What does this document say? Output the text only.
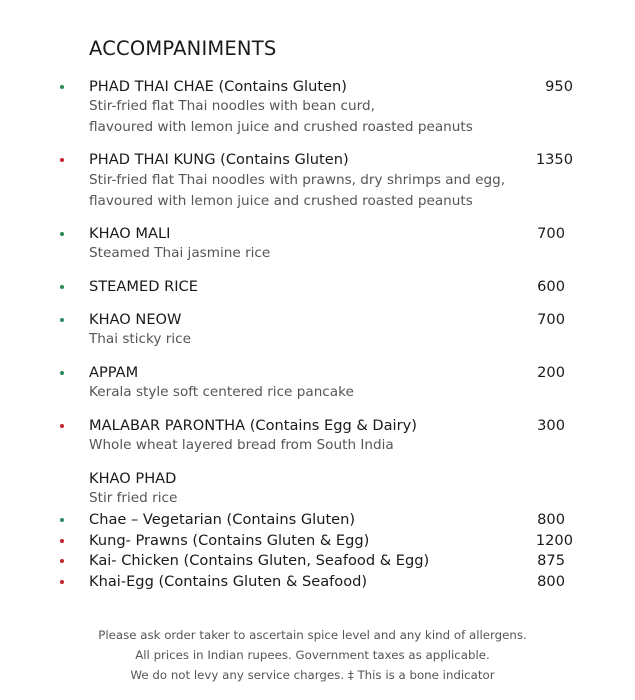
ACCOMPANIMENTS
PHAD THAI CHAE (Contains Gluten)	950
Stir-fried flat Thai noodles with bean curd,
flavoured with lemon juice and crushed roasted peanuts
PHAD THAI KUNG (Contains Gluten)	1350
Stir-fried flat Thai noodles with prawns, dry shrimps and egg,
flavoured with lemon juice and crushed roasted peanuts
KHAO MALI	700
Steamed Thai jasmine rice
STEAMED RICE	600
KHAO NEOW	700
Thai sticky rice
APPAM	200
Kerala style soft centered rice pancake
MALABAR PARONTHA (Contains Egg & Dairy)	300
Whole wheat layered bread from South India
KHAO PHAD
Stir fried rice
Chae – Vegetarian (Contains Gluten)	800
Kung- Prawns (Contains Gluten & Egg)	1200
Kai- Chicken (Contains Gluten, Seafood & Egg)	875
Khai-Egg (Contains Gluten & Seafood)	800
Please ask order taker to ascertain spice level and any kind of allergens.
All prices in Indian rupees. Government taxes as applicable.
We do not levy any service charges. ‡ This is a bone indicator
